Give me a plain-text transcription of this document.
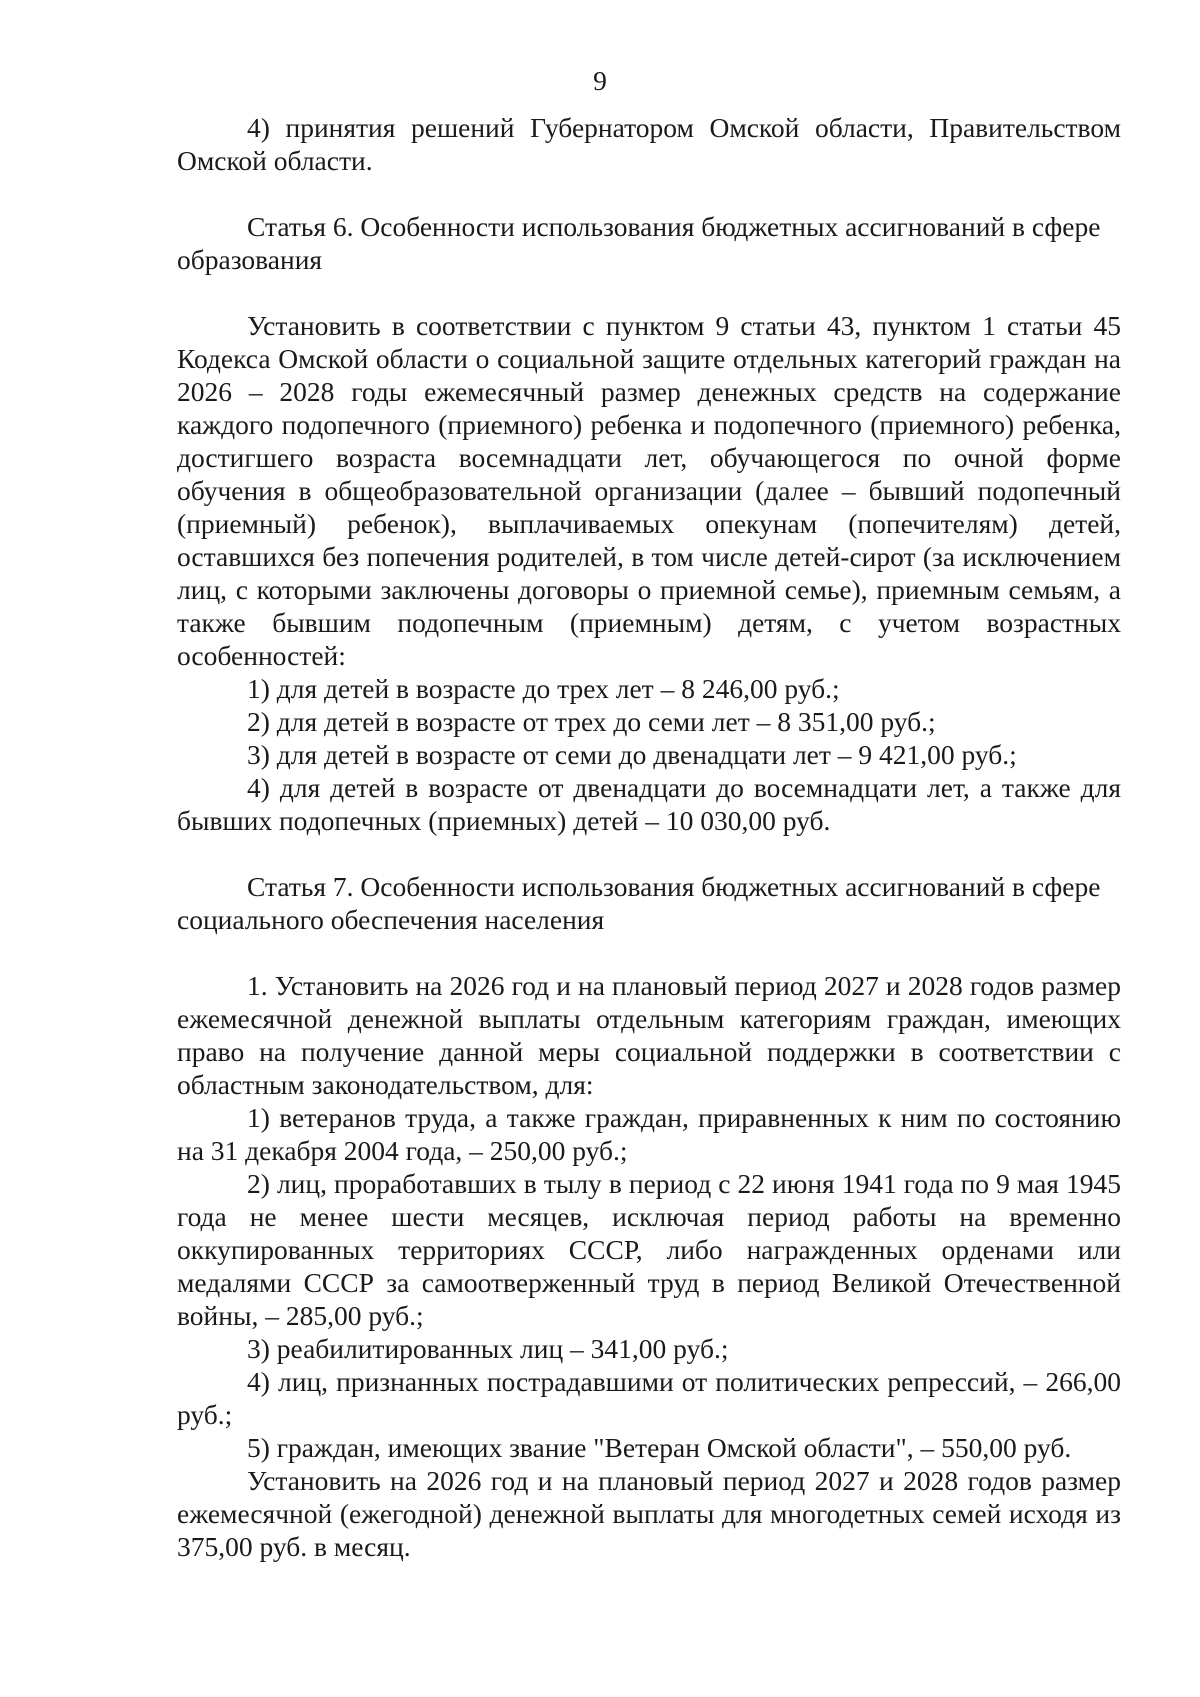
9

4) принятия решений Губернатором Омской области, Правительством Омской области.

Статья 6. Особенности использования бюджетных ассигнований в сфере образования

Установить в соответствии с пунктом 9 статьи 43, пунктом 1 статьи 45 Кодекса Омской области о социальной защите отдельных категорий граждан на 2026 – 2028 годы ежемесячный размер денежных средств на содержание каждого подопечного (приемного) ребенка и подопечного (приемного) ребенка, достигшего возраста восемнадцати лет, обучающегося по очной форме обучения в общеобразовательной организации (далее – бывший подопечный (приемный) ребенок), выплачиваемых опекунам (попечителям) детей, оставшихся без попечения родителей, в том числе детей-сирот (за исключением лиц, с которыми заключены договоры о приемной семье), приемным семьям, а также бывшим подопечным (приемным) детям, с учетом возрастных особенностей:

1) для детей в возрасте до трех лет – 8 246,00 руб.;

2) для детей в возрасте от трех до семи лет – 8 351,00 руб.;

3) для детей в возрасте от семи до двенадцати лет – 9 421,00 руб.;

4) для детей в возрасте от двенадцати до восемнадцати лет, а также для бывших подопечных (приемных) детей – 10 030,00 руб.

Статья 7. Особенности использования бюджетных ассигнований в сфере социального обеспечения населения

1. Установить на 2026 год и на плановый период 2027 и 2028 годов размер ежемесячной денежной выплаты отдельным категориям граждан, имеющих право на получение данной меры социальной поддержки в соответствии с областным законодательством, для:

1) ветеранов труда, а также граждан, приравненных к ним по состоянию на 31 декабря 2004 года, – 250,00 руб.;

2) лиц, проработавших в тылу в период с 22 июня 1941 года по 9 мая 1945 года не менее шести месяцев, исключая период работы на временно оккупированных территориях СССР, либо награжденных орденами или медалями СССР за самоотверженный труд в период Великой Отечественной войны, – 285,00 руб.;

3) реабилитированных лиц – 341,00 руб.;

4) лиц, признанных пострадавшими от политических репрессий, – 266,00 руб.;

5) граждан, имеющих звание "Ветеран Омской области", – 550,00 руб.

Установить на 2026 год и на плановый период 2027 и 2028 годов размер ежемесячной (ежегодной) денежной выплаты для многодетных семей исходя из 375,00 руб. в месяц.
